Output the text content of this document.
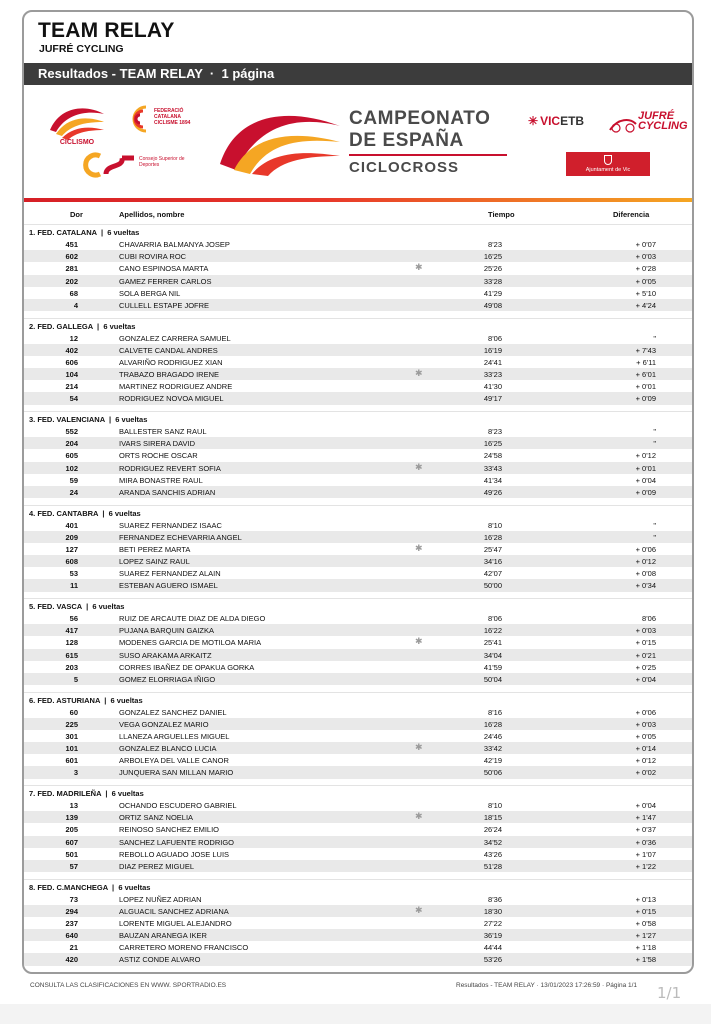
TEAM RELAY
JUFRÉ CYCLING
Resultados - TEAM RELAY  ·  1 página
CICLISMO
FEDERACIÓ CATALANA CICLISME 1894
Consejo Superior de Deportes
CAMPEONATO
DE ESPAÑA
CICLOCROSS
✳ VICETB	JUFRÉ
CYCLING
Ajuntament de Vic
Dor	Apellidos, nombre	Tiempo	Diferencia
1. FED. CATALANA  |  6 vueltas
451	CHAVARRIA BALMANYA JOSEP	8'23	+ 0'07
602	CUBI ROVIRA ROC	16'25	+ 0'03
281	CANO ESPINOSA MARTA	✱	25'26	+ 0'28
202	GAMEZ FERRER CARLOS	33'28	+ 0'05
68	SOLA BERGA NIL	41'29	+ 5'10
4	CULLELL ESTAPE JOFRE	49'08	+ 4'24
2. FED. GALLEGA  |  6 vueltas
12	GONZALEZ CARRERA SAMUEL	8'06	"
402	CALVETE CANDAL ANDRES	16'19	+ 7'43
606	ALVARIÑO RODRIGUEZ XIAN	24'41	+ 6'11
104	TRABAZO BRAGADO IRENE	✱	33'23	+ 6'01
214	MARTINEZ RODRIGUEZ ANDRE	41'30	+ 0'01
54	RODRIGUEZ NOVOA MIGUEL	49'17	+ 0'09
3. FED. VALENCIANA  |  6 vueltas
552	BALLESTER SANZ RAUL	8'23	"
204	IVARS SIRERA DAVID	16'25	"
605	ORTS ROCHE OSCAR	24'58	+ 0'12
102	RODRIGUEZ REVERT SOFIA	✱	33'43	+ 0'01
59	MIRA BONASTRE RAUL	41'34	+ 0'04
24	ARANDA SANCHIS ADRIAN	49'26	+ 0'09
4. FED. CANTABRA  |  6 vueltas
401	SUAREZ FERNANDEZ ISAAC	8'10	"
209	FERNANDEZ ECHEVARRIA ANGEL	16'28	"
127	BETI PEREZ MARTA	✱	25'47	+ 0'06
608	LOPEZ SAINZ RAUL	34'16	+ 0'12
53	SUAREZ FERNANDEZ ALAIN	42'07	+ 0'08
11	ESTEBAN AGUERO ISMAEL	50'00	+ 0'34
5. FED. VASCA  |  6 vueltas
56	RUIZ DE ARCAUTE DIAZ DE ALDA DIEGO	8'06	8'06
417	PUJANA BARQUIN GAIZKA	16'22	+ 0'03
128	MODENES GARCIA DE MOTILOA MARIA	✱	25'41	+ 0'15
615	SUSO ARAKAMA ARKAITZ	34'04	+ 0'21
203	CORRES IBAÑEZ DE OPAKUA GORKA	41'59	+ 0'25
5	GOMEZ ELORRIAGA IÑIGO	50'04	+ 0'04
6. FED. ASTURIANA  |  6 vueltas
60	GONZALEZ SANCHEZ DANIEL	8'16	+ 0'06
225	VEGA GONZALEZ MARIO	16'28	+ 0'03
301	LLANEZA ARGUELLES MIGUEL	24'46	+ 0'05
101	GONZALEZ BLANCO LUCIA	✱	33'42	+ 0'14
601	ARBOLEYA DEL VALLE CANOR	42'19	+ 0'12
3	JUNQUERA SAN MILLAN MARIO	50'06	+ 0'02
7. FED. MADRILEÑA  |  6 vueltas
13	OCHANDO ESCUDERO GABRIEL	8'10	+ 0'04
139	ORTIZ SANZ NOELIA	✱	18'15	+ 1'47
205	REINOSO SANCHEZ EMILIO	26'24	+ 0'37
607	SANCHEZ LAFUENTE RODRIGO	34'52	+ 0'36
501	REBOLLO AGUADO JOSE LUIS	43'26	+ 1'07
57	DIAZ PEREZ MIGUEL	51'28	+ 1'22
8. FED. C.MANCHEGA  |  6 vueltas
73	LOPEZ NUÑEZ ADRIAN	8'36	+ 0'13
294	ALGUACIL SANCHEZ ADRIANA	✱	18'30	+ 0'15
237	LORENTE MIGUEL ALEJANDRO	27'22	+ 0'58
640	BAUZAN ARANEGA IKER	36'19	+ 1'27
21	CARRETERO MORENO FRANCISCO	44'44	+ 1'18
420	ASTIZ CONDE ALVARO	53'26	+ 1'58
CONSULTA LAS CLASIFICACIONES EN WWW. SPORTRADIO.ES	Resultados - TEAM RELAY · 13/01/2023 17:26:59 · Página 1/1 1/1
